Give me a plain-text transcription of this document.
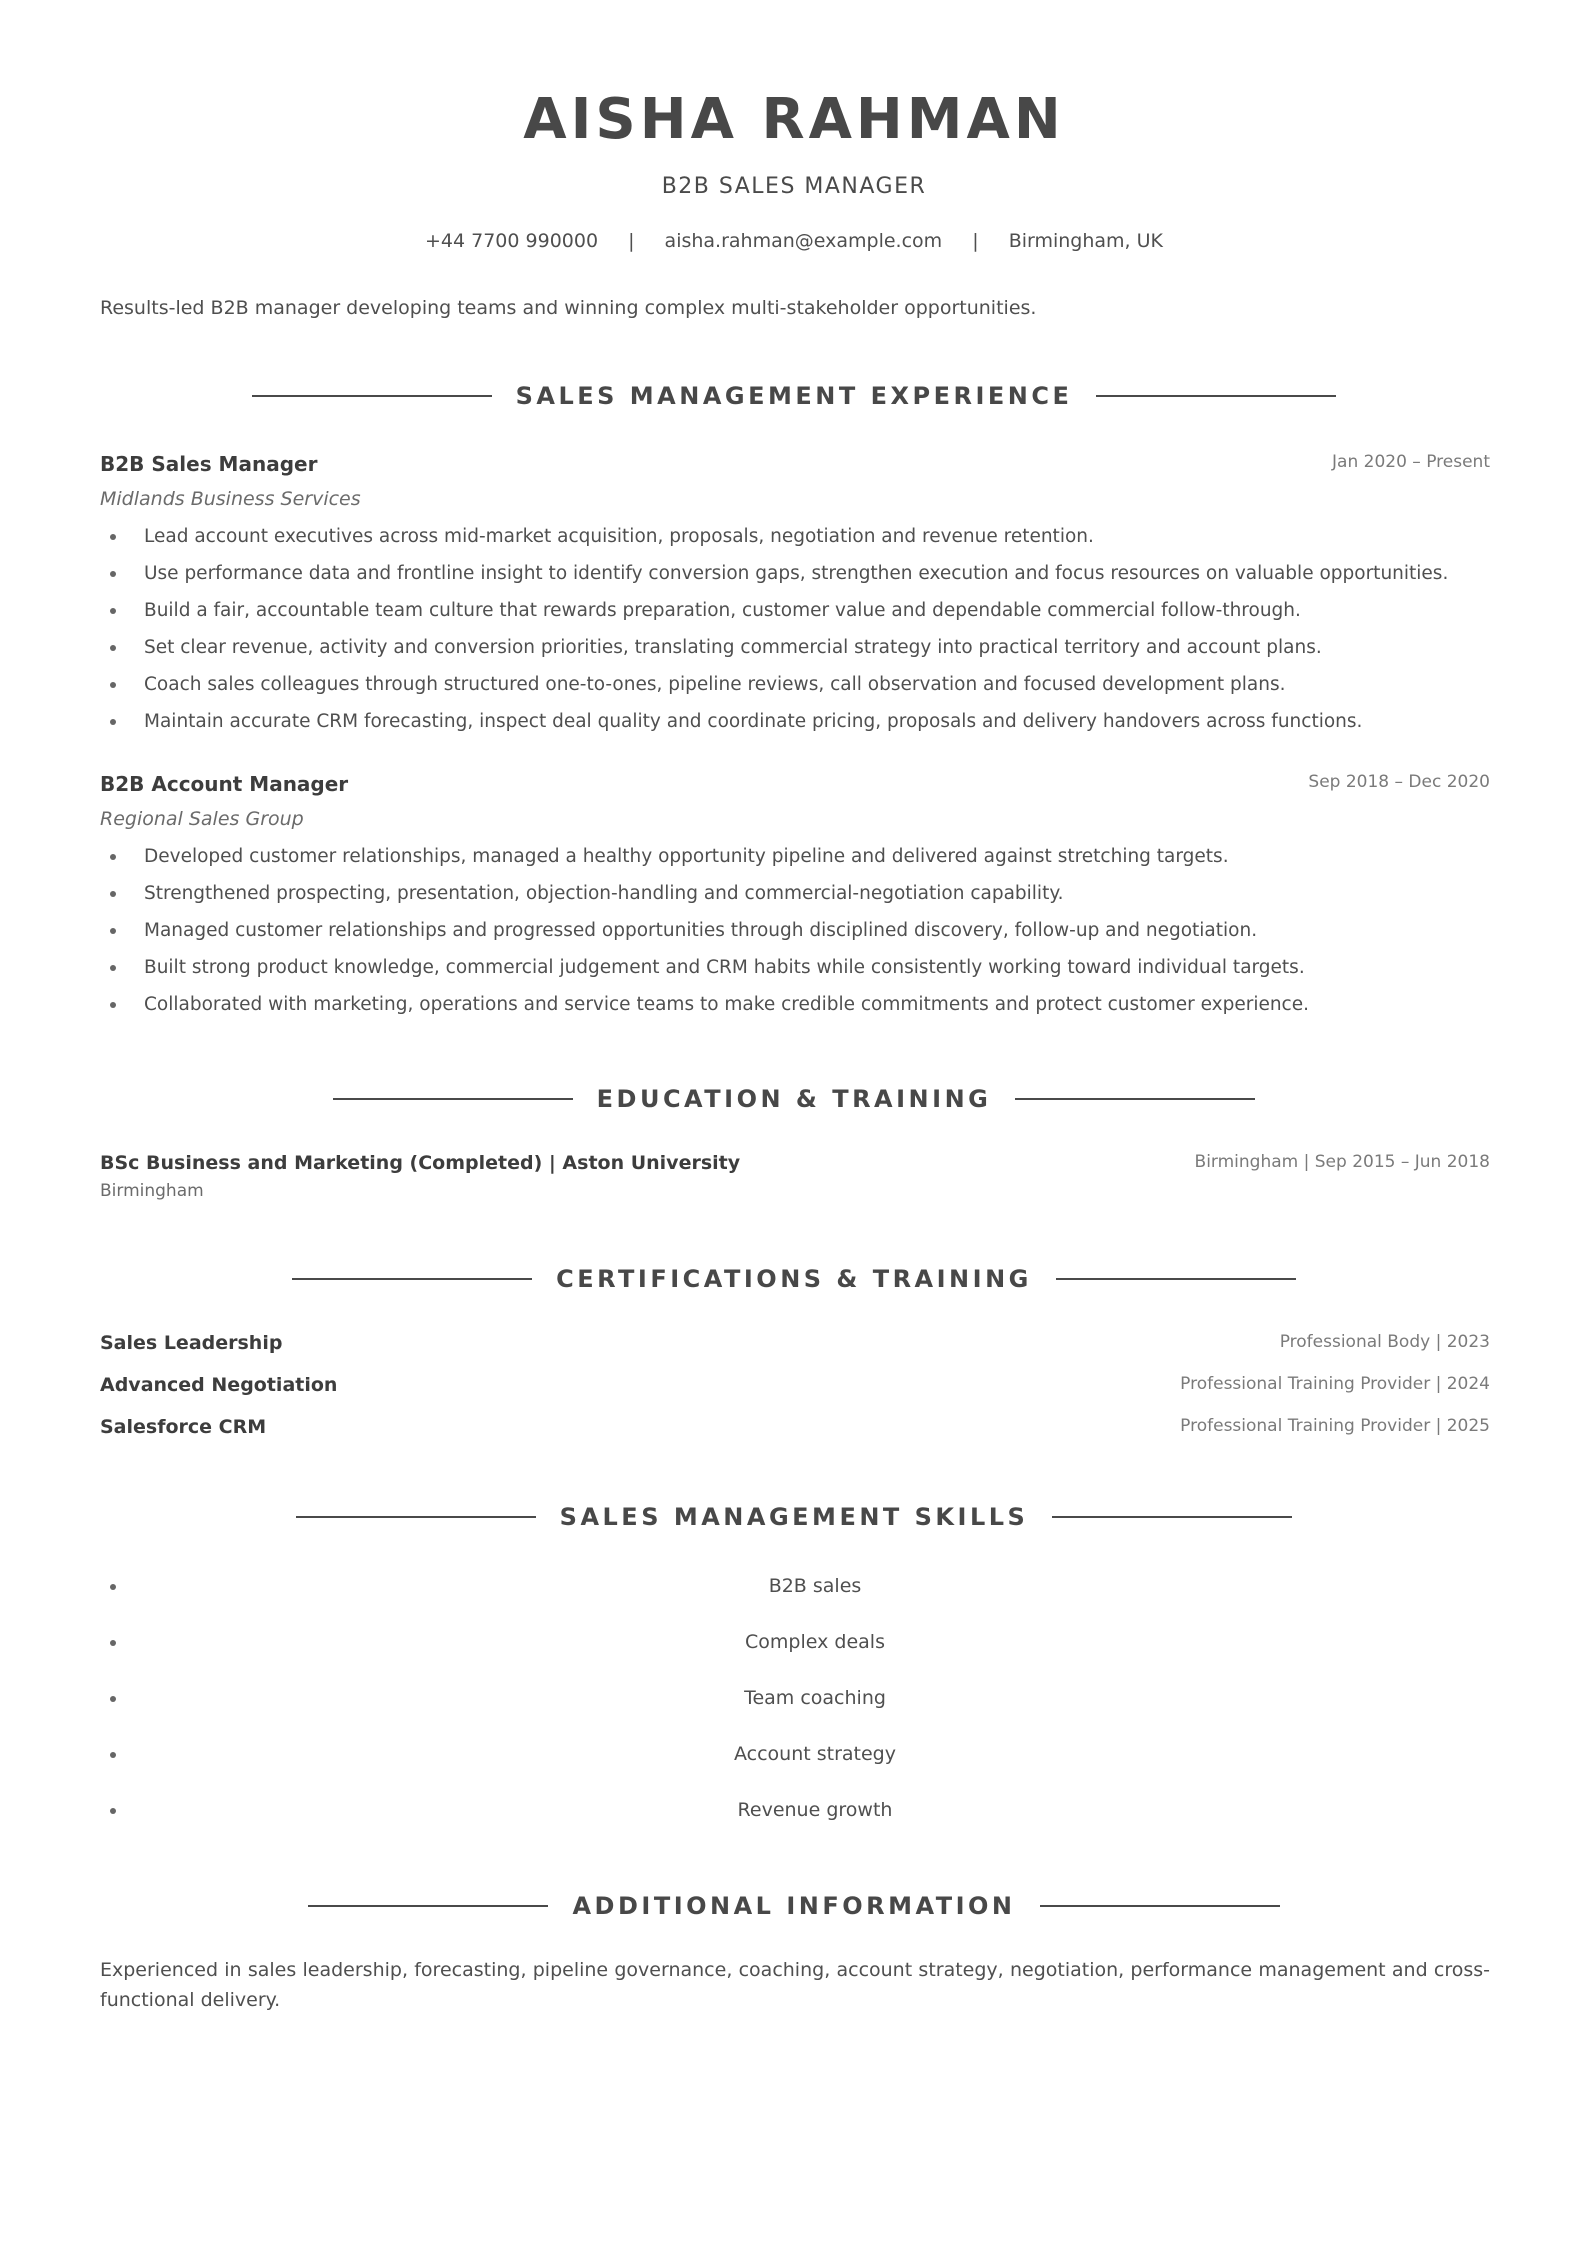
AISHA RAHMAN
B2B SALES MANAGER
+44 7700 990000 | aisha.rahman@example.com | Birmingham, UK
Results-led B2B manager developing teams and winning complex multi-stakeholder opportunities.
SALES MANAGEMENT EXPERIENCE
B2B Sales Manager	Jan 2020 – Present
Midlands Business Services
Lead account executives across mid-market acquisition, proposals, negotiation and revenue retention.
Use performance data and frontline insight to identify conversion gaps, strengthen execution and focus resources on valuable opportunities.
Build a fair, accountable team culture that rewards preparation, customer value and dependable commercial follow-through.
Set clear revenue, activity and conversion priorities, translating commercial strategy into practical territory and account plans.
Coach sales colleagues through structured one-to-ones, pipeline reviews, call observation and focused development plans.
Maintain accurate CRM forecasting, inspect deal quality and coordinate pricing, proposals and delivery handovers across functions.
B2B Account Manager	Sep 2018 – Dec 2020
Regional Sales Group
Developed customer relationships, managed a healthy opportunity pipeline and delivered against stretching targets.
Strengthened prospecting, presentation, objection-handling and commercial-negotiation capability.
Managed customer relationships and progressed opportunities through disciplined discovery, follow-up and negotiation.
Built strong product knowledge, commercial judgement and CRM habits while consistently working toward individual targets.
Collaborated with marketing, operations and service teams to make credible commitments and protect customer experience.
EDUCATION & TRAINING
BSc Business and Marketing (Completed) | Aston University	Birmingham | Sep 2015 – Jun 2018
Birmingham
CERTIFICATIONS & TRAINING
Sales Leadership	Professional Body | 2023
Advanced Negotiation	Professional Training Provider | 2024
Salesforce CRM	Professional Training Provider | 2025
SALES MANAGEMENT SKILLS
B2B sales
Complex deals
Team coaching
Account strategy
Revenue growth
ADDITIONAL INFORMATION
Experienced in sales leadership, forecasting, pipeline governance, coaching, account strategy, negotiation, performance management and cross-functional delivery.
